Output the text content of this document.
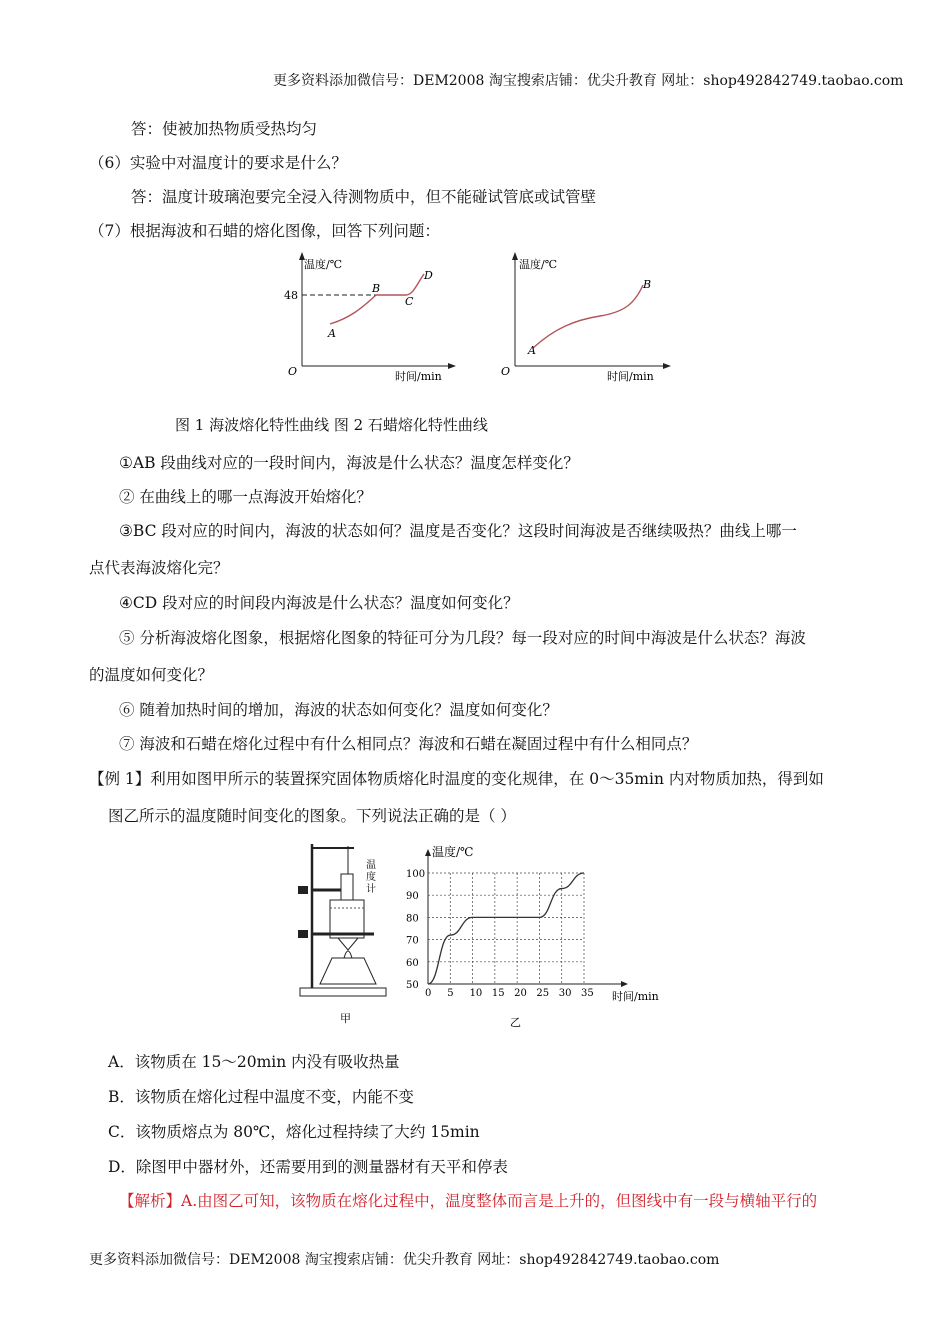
更多资料添加微信号：DEM2008 淘宝搜索店铺：优尖升教育 网址：shop492842749.taobao.com
答：使被加热物质受热均匀
（6）实验中对温度计的要求是什么？
答：温度计玻璃泡要完全浸入待测物质中，但不能碰试管底或试管壁
（7）根据海波和石蜡的熔化图像，回答下列问题：
温度/℃
48
O	时间/min
A
B
C
D
温度/℃
O	时间/min
A
B
图 1 海波熔化特性曲线 图 2 石蜡熔化特性曲线
①AB 段曲线对应的一段时间内，海波是什么状态？温度怎样变化？
② 在曲线上的哪一点海波开始熔化？
③BC 段对应的时间内，海波的状态如何？温度是否变化？这段时间海波是否继续吸热？曲线上哪一
点代表海波熔化完？
④CD 段对应的时间段内海波是什么状态？温度如何变化？
⑤ 分析海波熔化图象，根据熔化图象的特征可分为几段？每一段对应的时间中海波是什么状态？海波
的温度如何变化？
⑥ 随着加热时间的增加，海波的状态如何变化？温度如何变化？
⑦ 海波和石蜡在熔化过程中有什么相同点？海波和石蜡在凝固过程中有什么相同点？
【例 1】利用如图甲所示的装置探究固体物质熔化时温度的变化规律，在 0～35min 内对物质加热，得到如
图乙所示的温度随时间变化的图象。下列说法正确的是（ ）
温
度
计
甲
0 5 10 15 20 25 30 35
50
60
70
80
90
100
温度/℃
时间/min
乙
A．该物质在 15～20min 内没有吸收热量
B．该物质在熔化过程中温度不变，内能不变
C．该物质熔点为 80℃，熔化过程持续了大约 15min
D．除图甲中器材外，还需要用到的测量器材有天平和停表
【解析】A.由图乙可知，该物质在熔化过程中，温度整体而言是上升的，但图线中有一段与横轴平行的
更多资料添加微信号：DEM2008 淘宝搜索店铺：优尖升教育 网址：shop492842749.taobao.com
